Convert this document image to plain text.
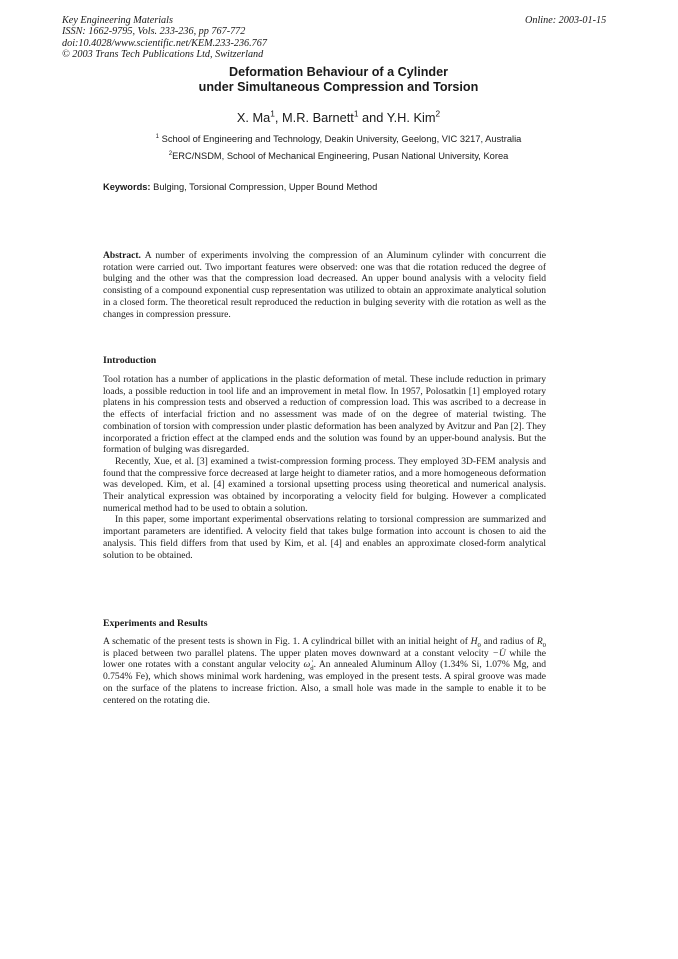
Key Engineering Materials
ISSN: 1662-9795, Vols. 233-236, pp 767-772
doi:10.4028/www.scientific.net/KEM.233-236.767
© 2003 Trans Tech Publications Ltd, Switzerland
Online: 2003-01-15
Deformation Behaviour of a Cylinder
under Simultaneous Compression and Torsion
X. Ma$^1$, M.R. Barnett$^1$ and Y.H. Kim$^2$
$^1$ School of Engineering and Technology, Deakin University, Geelong, VIC 3217, Australia
$^2$ERC/NSDM, School of Mechanical Engineering, Pusan National University, Korea
Keywords: Bulging, Torsional Compression, Upper Bound Method
Abstract. A number of experiments involving the compression of an Aluminum cylinder with concurrent die rotation were carried out. Two important features were observed: one was that die rotation reduced the degree of bulging and the other was that the compression load decreased. An upper bound analysis with a velocity field consisting of a compound exponential cusp representation was utilized to obtain an approximate analytical solution in a closed form. The theoretical result reproduced the reduction in bulging severity with die rotation as well as the changes in compression pressure.
Introduction

Tool rotation has a number of applications in the plastic deformation of metal. These include reduction in primary loads, a possible reduction in tool life and an improvement in metal flow. In 1957, Polosatkin [1] employed rotary platens in his compression tests and observed a reduction of compression load. This was ascribed to a decrease in the effects of interfacial friction and no assessment was made of on the degree of material twisting. The combination of torsion with compression under plastic deformation has been analyzed by Avitzur and Pan [2]. They incorporated a friction effect at the clamped ends and the solution was found by an upper-bound analysis. But the formation of bulging was disregarded.

Recently, Xue, et al. [3] examined a twist-compression forming process. They employed 3D-FEM analysis and found that the compressive force decreased at large height to diameter ratios, and a more homogeneous deformation was developed. Kim, et al. [4] examined a torsional upsetting process using theoretical and numerical analysis. Their analytical expression was obtained by incorporating a velocity field for bulging. However a complicated numerical method had to be used to obtain a solution.

In this paper, some important experimental observations relating to torsional compression are summarized and important parameters are identified. A velocity field that takes bulge formation into account is chosen to aid the analysis. This field differs from that used by Kim, et al. [4] and enables an approximate closed-form analytical solution to be obtained.

Experiments and Results
A schematic of the present tests is shown in Fig. 1. A cylindrical billet with an initial height of $H_0$ and radius of $R_0$ is placed between two parallel platens. The upper platen moves downward at a constant velocity −U̇ while the lower one rotates with a constant angular velocity $\omegȧ_d$. An annealed Aluminum Alloy (1.34% Si, 1.07% Mg, and 0.754% Fe), which shows minimal work hardening, was employed in the present tests. A spiral groove was made on the surface of the platens to increase friction. Also, a small hole was made in the sample to enable it to be centered on the rotating die.
